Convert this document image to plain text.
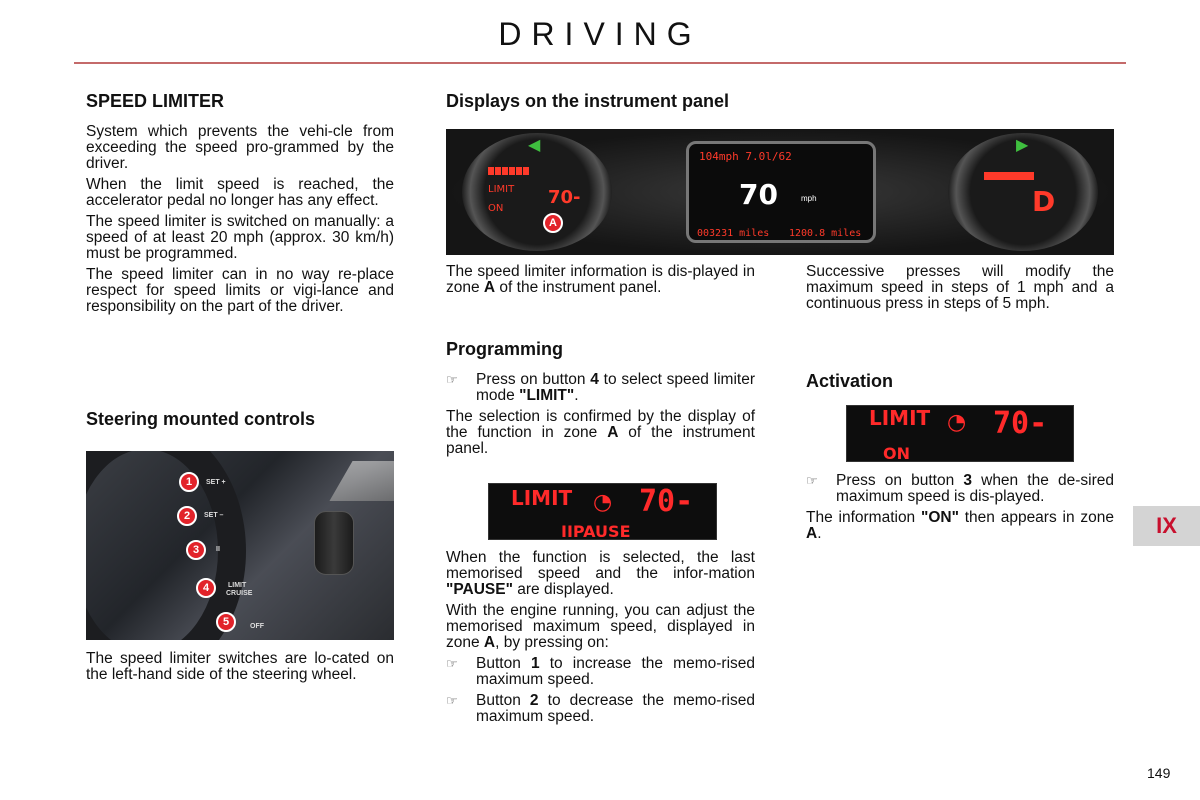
DRIVING
SPEED LIMITER

System which prevents the vehi-cle from exceeding the speed pro-grammed by the driver.

When the limit speed is reached, the accelerator pedal no longer has any effect.

The speed limiter is switched on manually: a speed of at least 20 mph (approx. 30 km/h) must be programmed.

The speed limiter can in no way re-place respect for speed limits or vigi-lance and responsibility on the part of the driver.

Steering mounted controls
1	SET +
2	SET –
3	II
4	LIMIT
CRUISE
5	OFF

The speed limiter switches are lo-cated on the left-hand side of the steering wheel.

Displays on the instrument panel
◀	▶
LIMIT
ON
70-
A
104mph 7.0l/62
70	mph
003231 miles 1200.8 miles
D

The speed limiter information is dis-played in zone A of the instrument panel.

Programming
☞ Press on button 4 to select speed limiter mode "LIMIT".

The selection is confirmed by the display of the function in zone A of the instrument panel.

LIMIT ◔ 70-
IIPAUSE

When the function is selected, the last memorised speed and the infor-mation "PAUSE" are displayed.

With the engine running, you can adjust the memorised maximum speed, displayed in zone A, by pressing on:

☞ Button 1 to increase the memo-rised maximum speed.
☞ Button 2 to decrease the memo-rised maximum speed.

Successive presses will modify the maximum speed in steps of 1 mph and a continuous press in steps of 5 mph.

Activation
LIMIT ◔ 70-
ON
☞ Press on button 3 when the de-sired maximum speed is dis-played.

The information "ON" then appears in zone A.	IX
149
